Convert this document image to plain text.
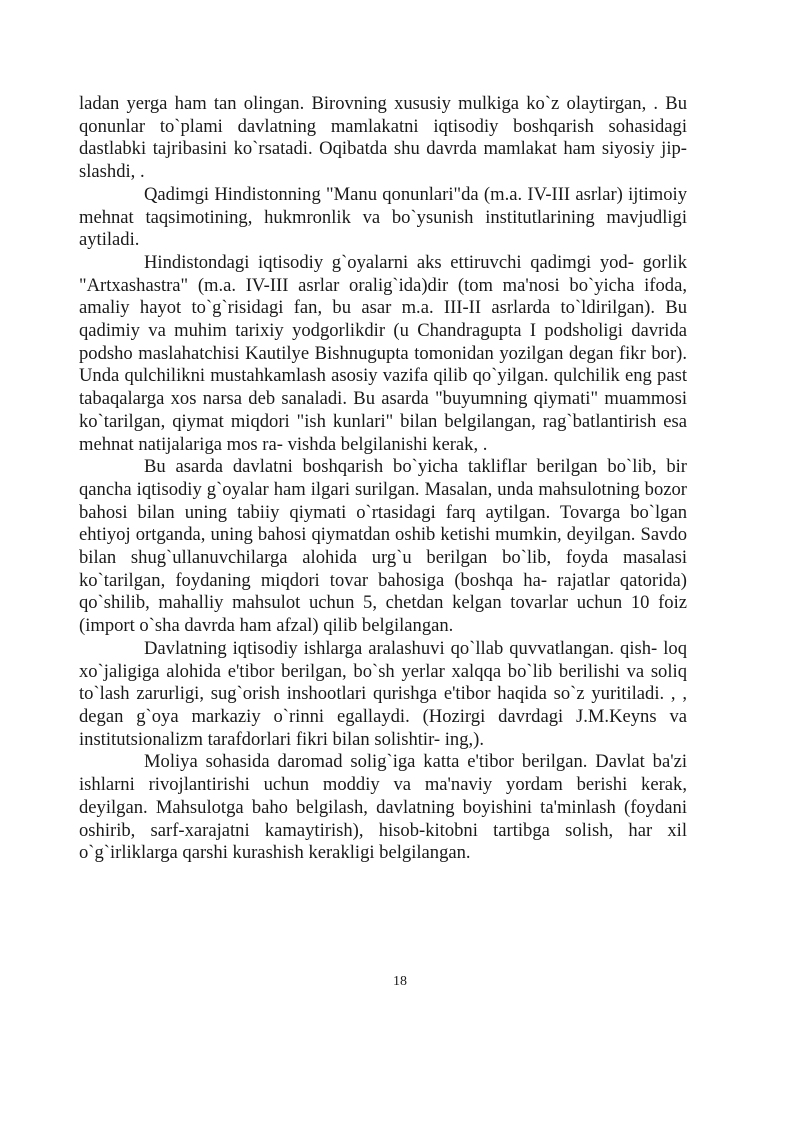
ladan yerga ham tan olingan. Birovning xususiy mulkiga ko`z olaytirgan, . Bu qonunlar to`plami davlatning mamlakatni iqtisodiy boshqarish sohasidagi dastlabki tajribasini ko`rsatadi. Oqibatda shu davrda mamlakat ham siyosiy jip- slashdi, .

Qadimgi Hindistonning "Manu qonunlari"da (m.a. IV-III asrlar) ijtimoiy mehnat taqsimotining, hukmronlik va bo`ysunish institutlarining mavjudligi aytiladi.

Hindistondagi iqtisodiy g`oyalarni aks ettiruvchi qadimgi yod- gorlik "Artxashastra" (m.a. IV-III asrlar oralig`ida)dir (tom ma'nosi bo`yicha ifoda, amaliy hayot to`g`risidagi fan, bu asar m.a. III-II asrlarda to`ldirilgan). Bu qadimiy va muhim tarixiy yodgorlikdir (u Chandragupta I podsholigi davrida podsho maslahatchisi Kautilye Bishnugupta tomonidan yozilgan degan fikr bor). Unda qulchilikni mustahkamlash asosiy vazifa qilib qo`yilgan. qulchilik eng past tabaqalarga xos narsa deb sanaladi. Bu asarda "buyumning qiymati" muammosi ko`tarilgan, qiymat miqdori "ish kunlari" bilan belgilangan, rag`batlantirish esa mehnat natijalariga mos ra- vishda belgilanishi kerak, .

Bu asarda davlatni boshqarish bo`yicha takliflar berilgan bo`lib, bir qancha iqtisodiy g`oyalar ham ilgari surilgan. Masalan, unda mahsulotning bozor bahosi bilan uning tabiiy qiymati o`rtasidagi farq aytilgan. Tovarga bo`lgan ehtiyoj ortganda, uning bahosi qiymatdan oshib ketishi mumkin, deyilgan. Savdo bilan shug`ullanuvchilarga alohida urg`u berilgan bo`lib, foyda masalasi ko`tarilgan, foydaning miqdori tovar bahosiga (boshqa ha- rajatlar qatorida) qo`shilib, mahalliy mahsulot uchun 5, chetdan kelgan tovarlar uchun 10 foiz (import o`sha davrda ham afzal) qilib belgilangan.

Davlatning iqtisodiy ishlarga aralashuvi qo`llab quvvatlangan. qish- loq xo`jaligiga alohida e'tibor berilgan, bo`sh yerlar xalqqa bo`lib berilishi va soliq to`lash zarurligi, sug`orish inshootlari qurishga e'tibor haqida so`z yuritiladi. , , degan g`oya markaziy o`rinni egallaydi. (Hozirgi davrdagi J.M.Keyns va institutsionalizm tarafdorlari fikri bilan solishtir- ing,).

Moliya sohasida daromad solig`iga katta e'tibor berilgan. Davlat ba'zi ishlarni rivojlantirishi uchun moddiy va ma'naviy yordam berishi kerak, deyilgan. Mahsulotga baho belgilash, davlatning boyishini ta'minlash (foydani oshirib, sarf-xarajatni kamaytirish), hisob-kitobni tartibga solish, har xil o`g`irliklarga qarshi kurashish kerakligi belgilangan.

18
